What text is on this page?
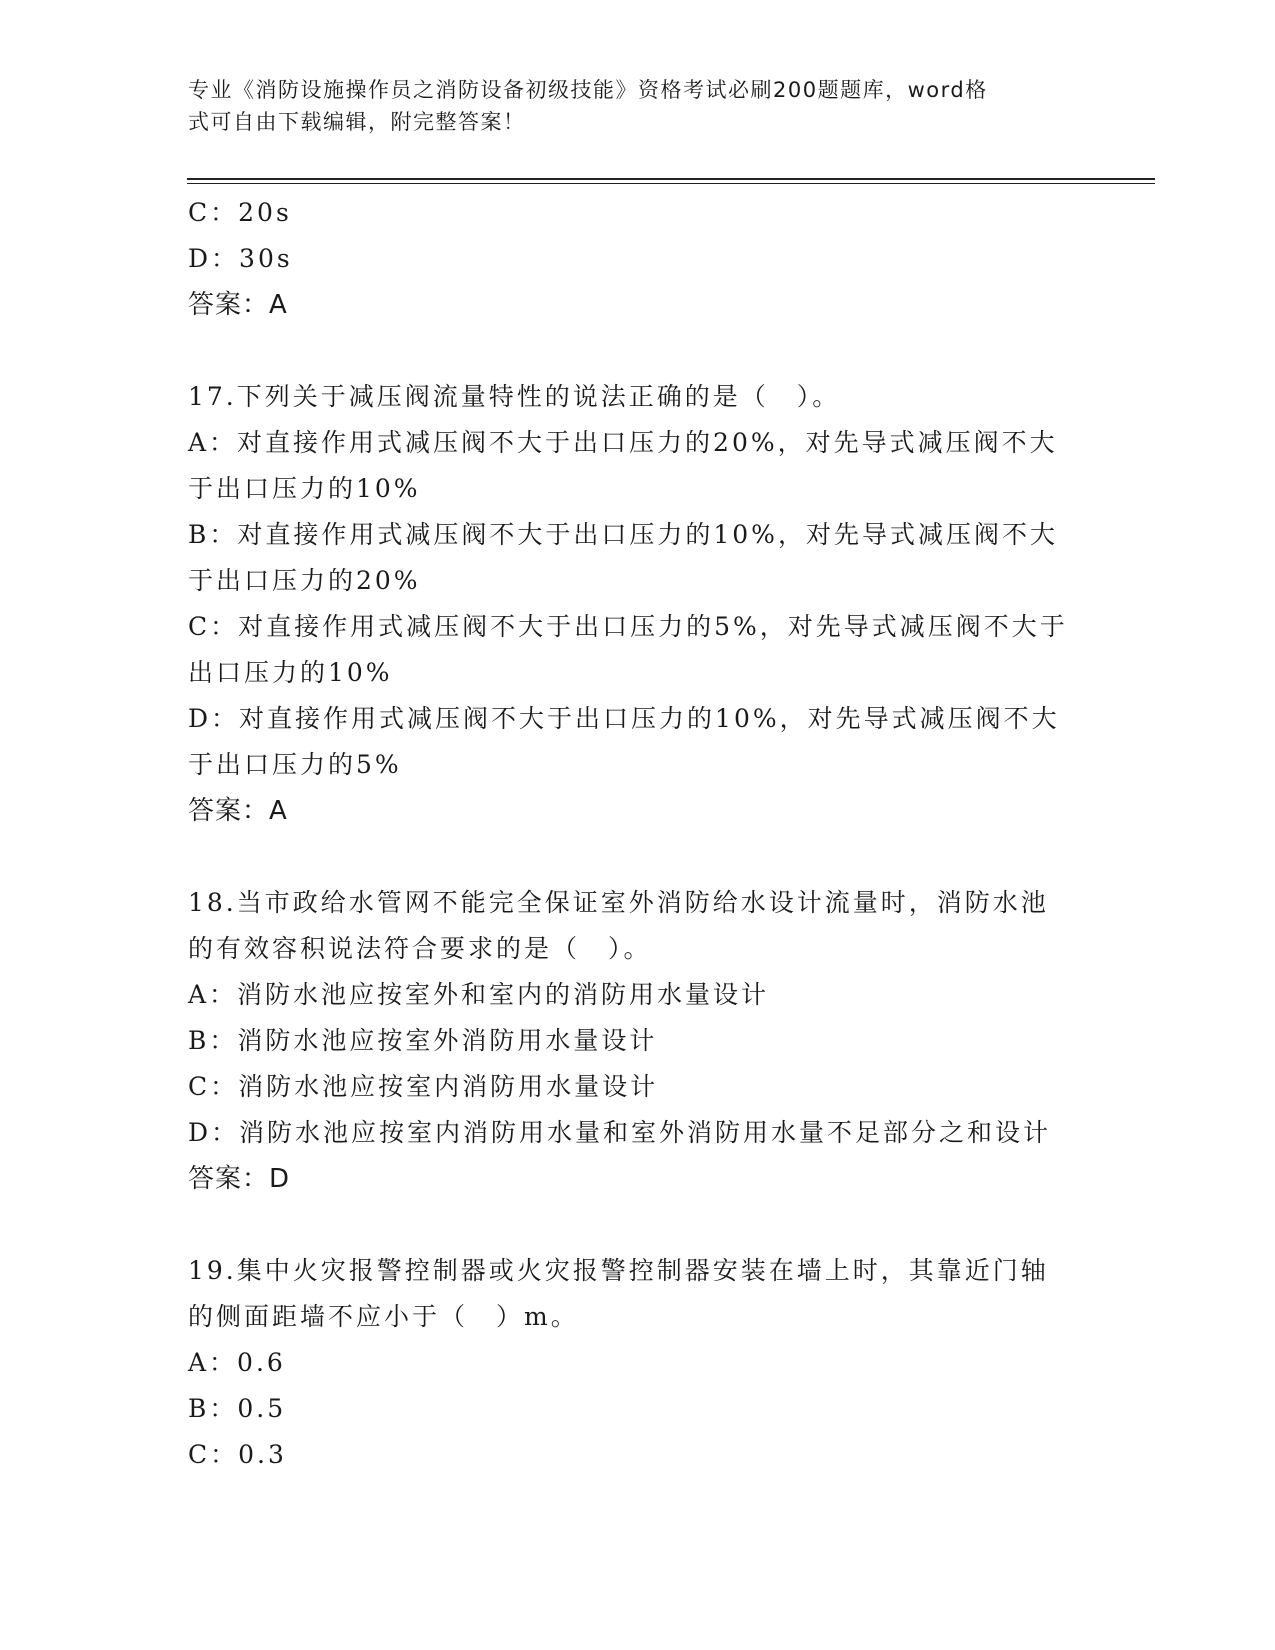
专业《消防设施操作员之消防设备初级技能》资格考试必刷200题题库，word格
式可自由下载编辑，附完整答案！
C：20s
D：30s
答案：A
17.下列关于减压阀流量特性的说法正确的是（　）。
A：对直接作用式减压阀不大于出口压力的20%，对先导式减压阀不大
于出口压力的10%
B：对直接作用式减压阀不大于出口压力的10%，对先导式减压阀不大
于出口压力的20%
C：对直接作用式减压阀不大于出口压力的5%，对先导式减压阀不大于
出口压力的10%
D：对直接作用式减压阀不大于出口压力的10%，对先导式减压阀不大
于出口压力的5%
答案：A
18.当市政给水管网不能完全保证室外消防给水设计流量时，消防水池
的有效容积说法符合要求的是（　）。
A：消防水池应按室外和室内的消防用水量设计
B：消防水池应按室外消防用水量设计
C：消防水池应按室内消防用水量设计
D：消防水池应按室内消防用水量和室外消防用水量不足部分之和设计
答案：D
19.集中火灾报警控制器或火灾报警控制器安装在墙上时，其靠近门轴
的侧面距墙不应小于（　）m。
A：0.6
B：0.5
C：0.3
